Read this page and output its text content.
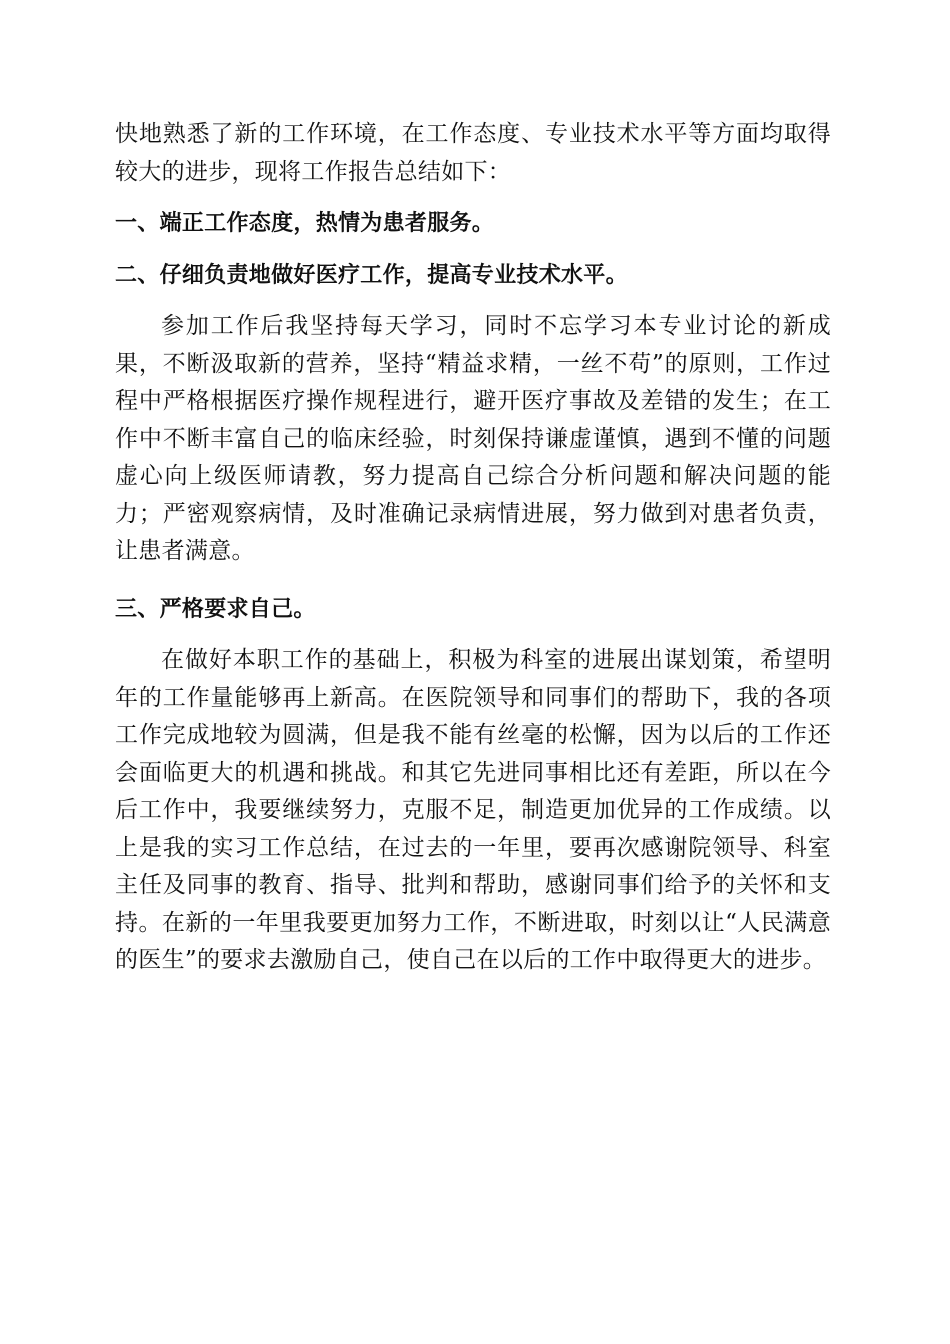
快地熟悉了新的工作环境，在工作态度、专业技术水平等方面均取得较大的进步，现将工作报告总结如下：

一、端正工作态度，热情为患者服务。
二、仔细负责地做好医疗工作，提高专业技术水平。

参加工作后我坚持每天学习，同时不忘学习本专业讨论的新成果，不断汲取新的营养，坚持“精益求精，一丝不苟”的原则，工作过程中严格根据医疗操作规程进行，避开医疗事故及差错的发生；在工作中不断丰富自己的临床经验，时刻保持谦虚谨慎，遇到不懂的问题虚心向上级医师请教，努力提高自己综合分析问题和解决问题的能力；严密观察病情，及时准确记录病情进展，努力做到对患者负责，让患者满意。

三、严格要求自己。

在做好本职工作的基础上，积极为科室的进展出谋划策，希望明年的工作量能够再上新高。在医院领导和同事们的帮助下，我的各项工作完成地较为圆满，但是我不能有丝毫的松懈，因为以后的工作还会面临更大的机遇和挑战。和其它先进同事相比还有差距，所以在今后工作中，我要继续努力，克服不足，制造更加优异的工作成绩。以上是我的实习工作总结，在过去的一年里，要再次感谢院领导、科室主任及同事的教育、指导、批判和帮助，感谢同事们给予的关怀和支持。在新的一年里我要更加努力工作，不断进取，时刻以让“人民满意的医生”的要求去激励自己，使自己在以后的工作中取得更大的进步。
